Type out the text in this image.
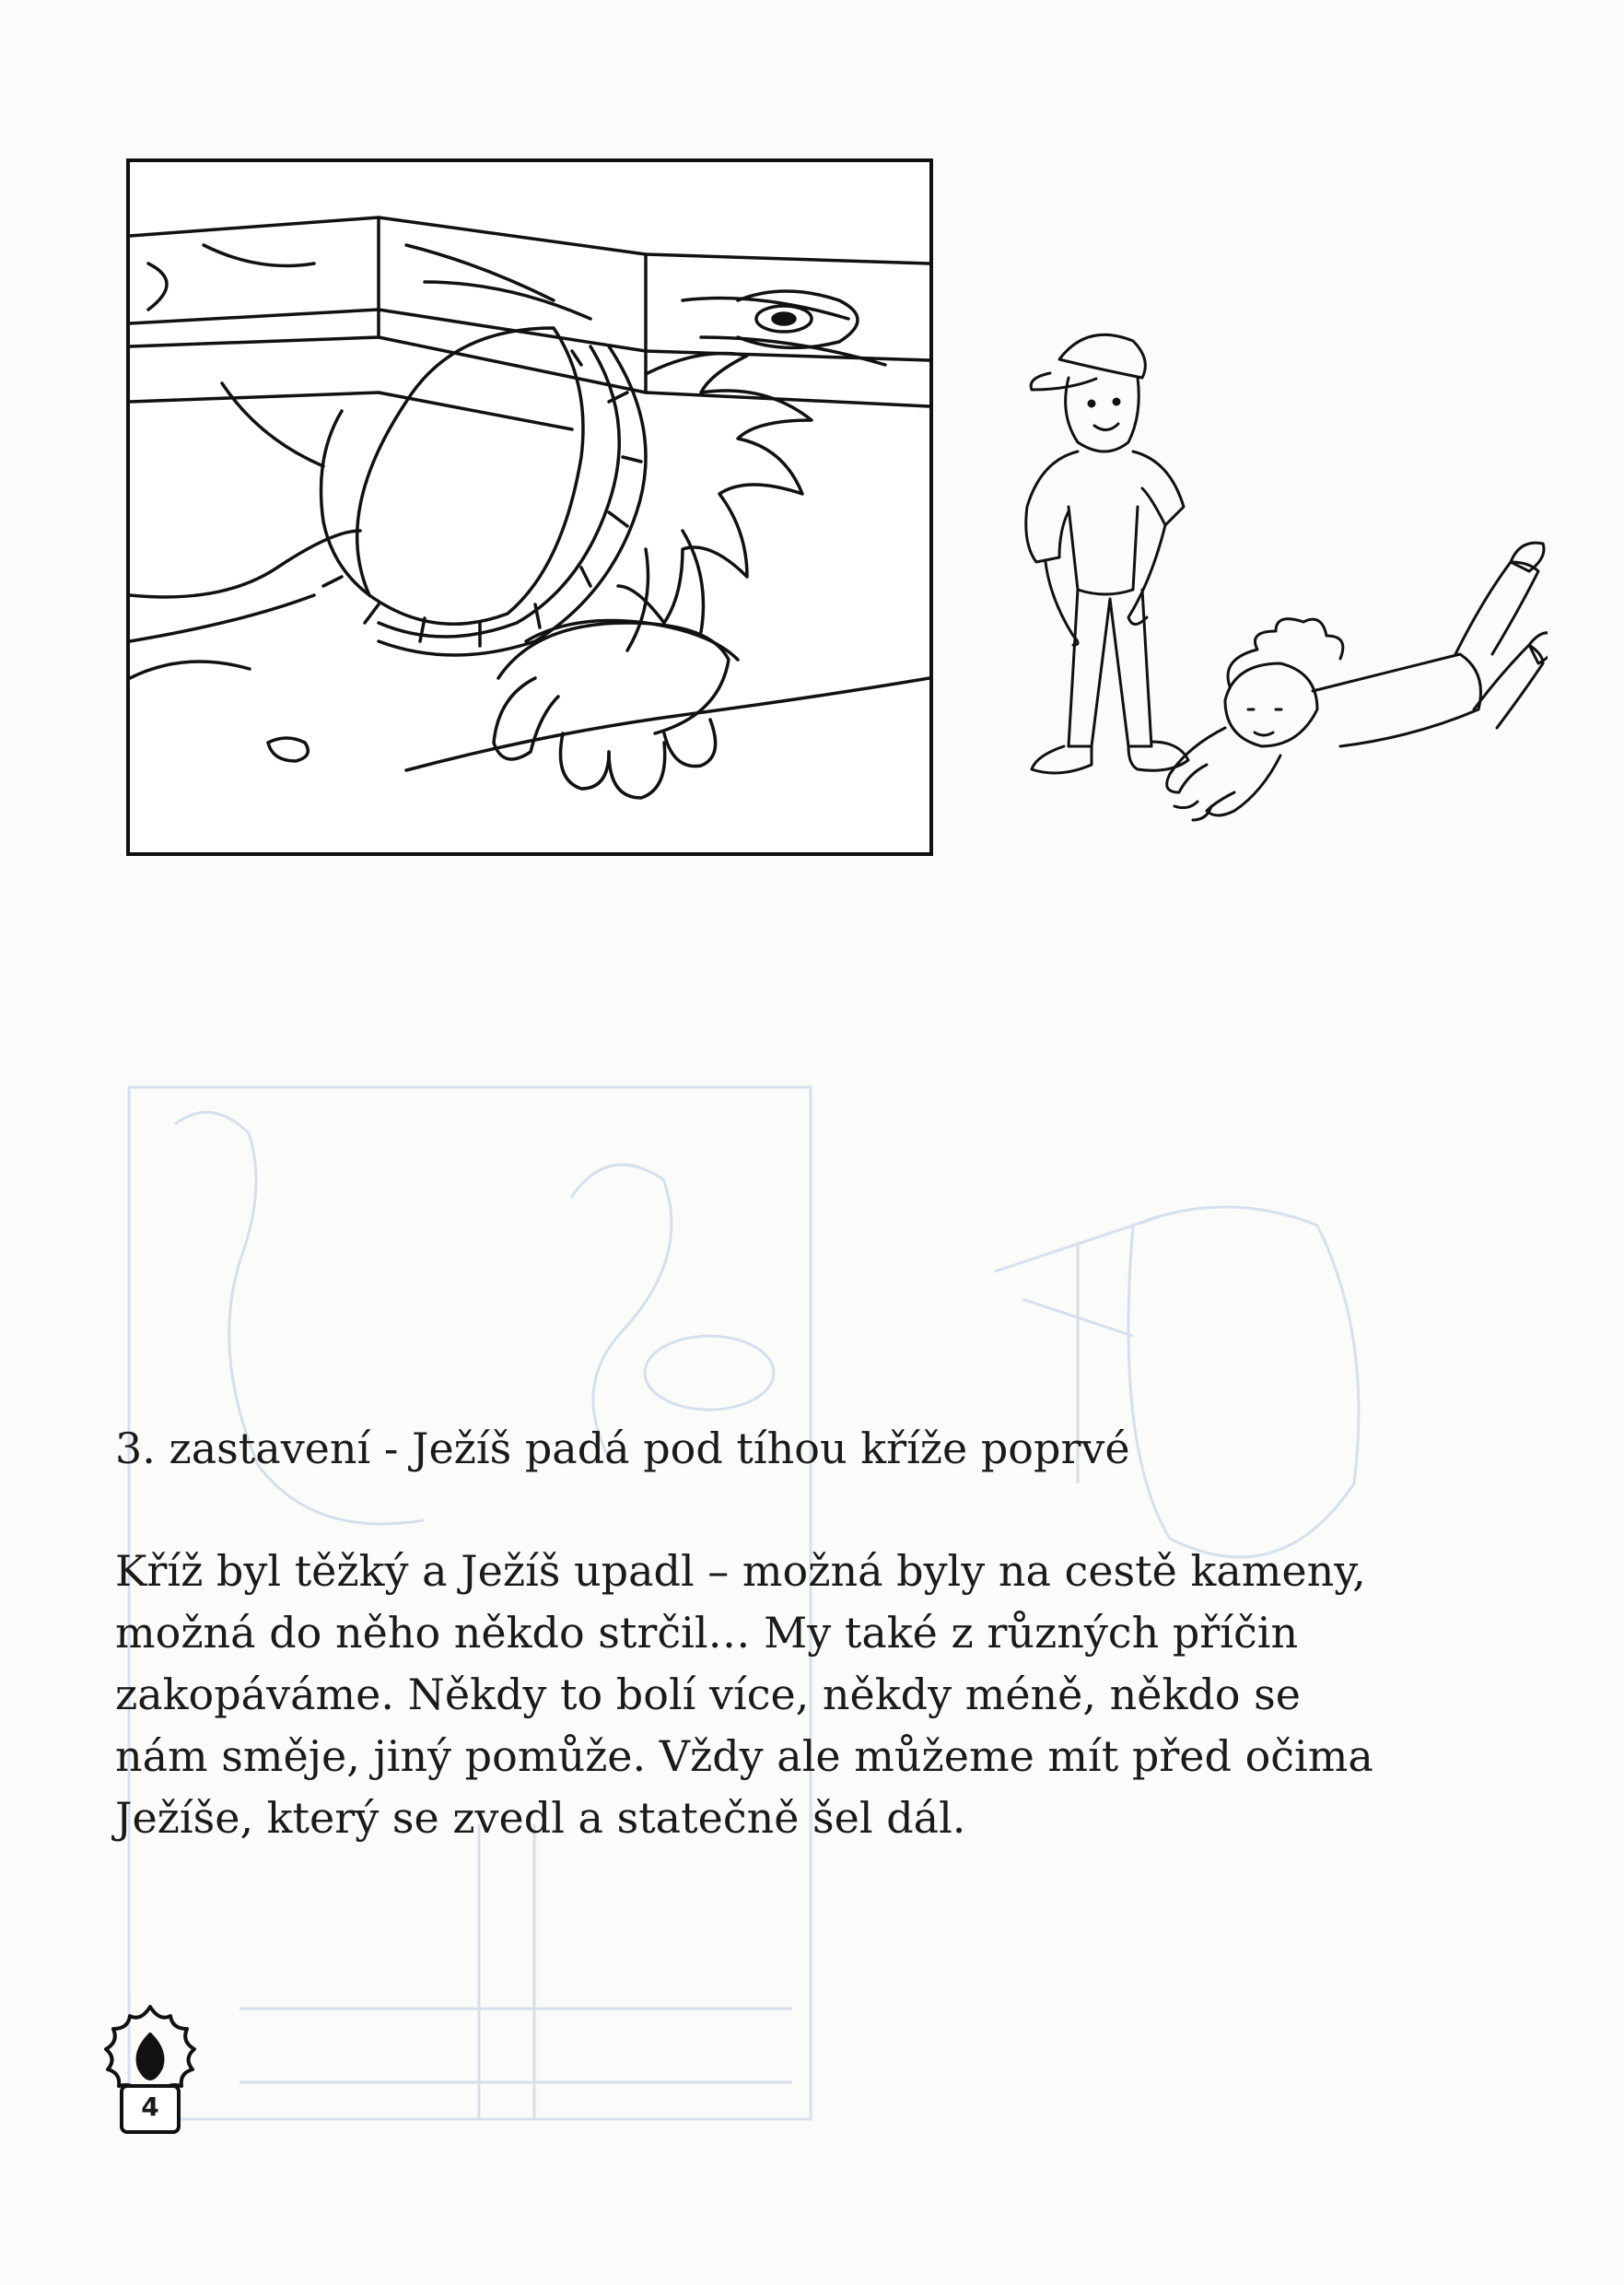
3. zastavení - Ježíš padá pod tíhou kříže poprvé

Kříž byl těžký a Ježíš upadl – možná byly na cestě kameny,
možná do něho někdo strčil… My také z různých příčin
zakopáváme. Někdy to bolí více, někdy méně, někdo se
nám směje, jiný pomůže. Vždy ale můžeme mít před očima
Ježíše, který se zvedl a statečně šel dál.

4
